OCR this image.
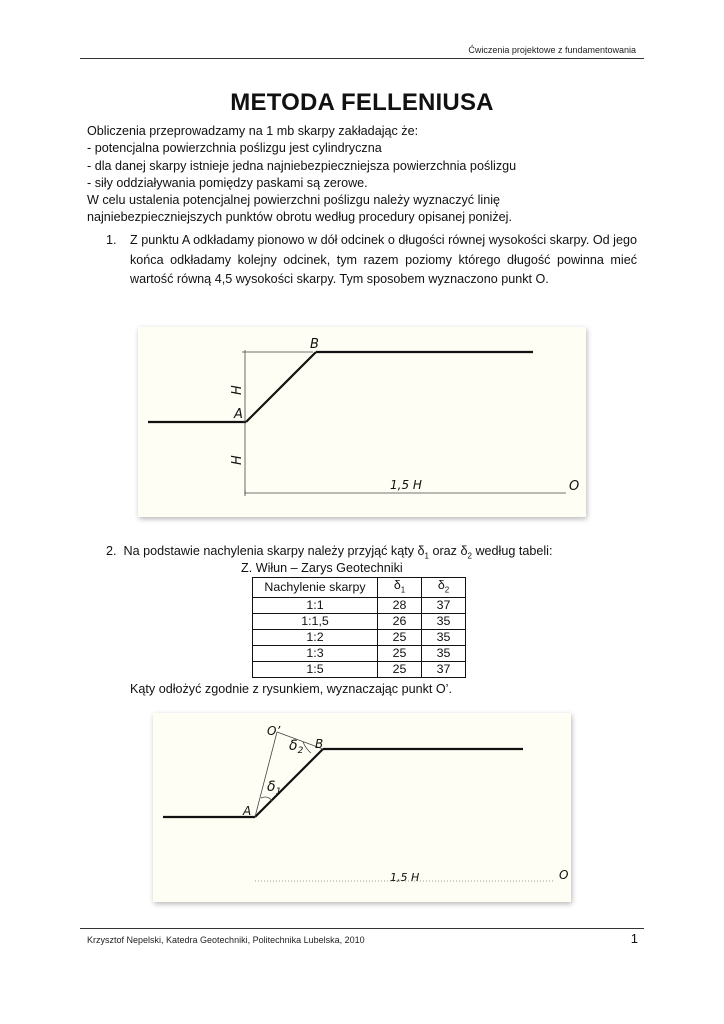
Ćwiczenia projektowe z fundamentowania
METODA FELLENIUSA
Obliczenia przeprowadzamy na 1 mb skarpy zakładając że:
- potencjalna powierzchnia poślizgu jest cylindryczna
- dla danej skarpy istnieje jedna najniebezpieczniejsza powierzchnia poślizgu
- siły oddziaływania pomiędzy paskami są zerowe.
W celu ustalenia potencjalnej powierzchni poślizgu należy wyznaczyć linię
najniebezpieczniejszych punktów obrotu według procedury opisanej poniżej.
1. Z punktu A odkładamy pionowo w dół odcinek o długości równej wysokości skarpy. Od jego końca odkładamy kolejny odcinek, tym razem poziomy którego długość powinna mieć wartość równą 4,5 wysokości skarpy. Tym sposobem wyznaczono punkt O.
B
A
H
H
1,5 H	O
2. Na podstawie nachylenia skarpy należy przyjąć kąty $\delta_1$ oraz $\delta_2$ według tabeli:
Z. Wiłun – Zarys Geotechniki
Nachylenie skarpy	$\delta_1$	$\delta_2$
1:1	28	37
1:1,5	26	35
1:2	25	35
1:3	25	35
1:5	25	37
Kąty odłożyć zgodnie z rysunkiem, wyznaczając punkt O’.
O’
$\delta_2$ B
$\delta_1$
A
1,5 H	O
Krzysztof Nepelski, Katedra Geotechniki, Politechnika Lubelska, 2010	1
